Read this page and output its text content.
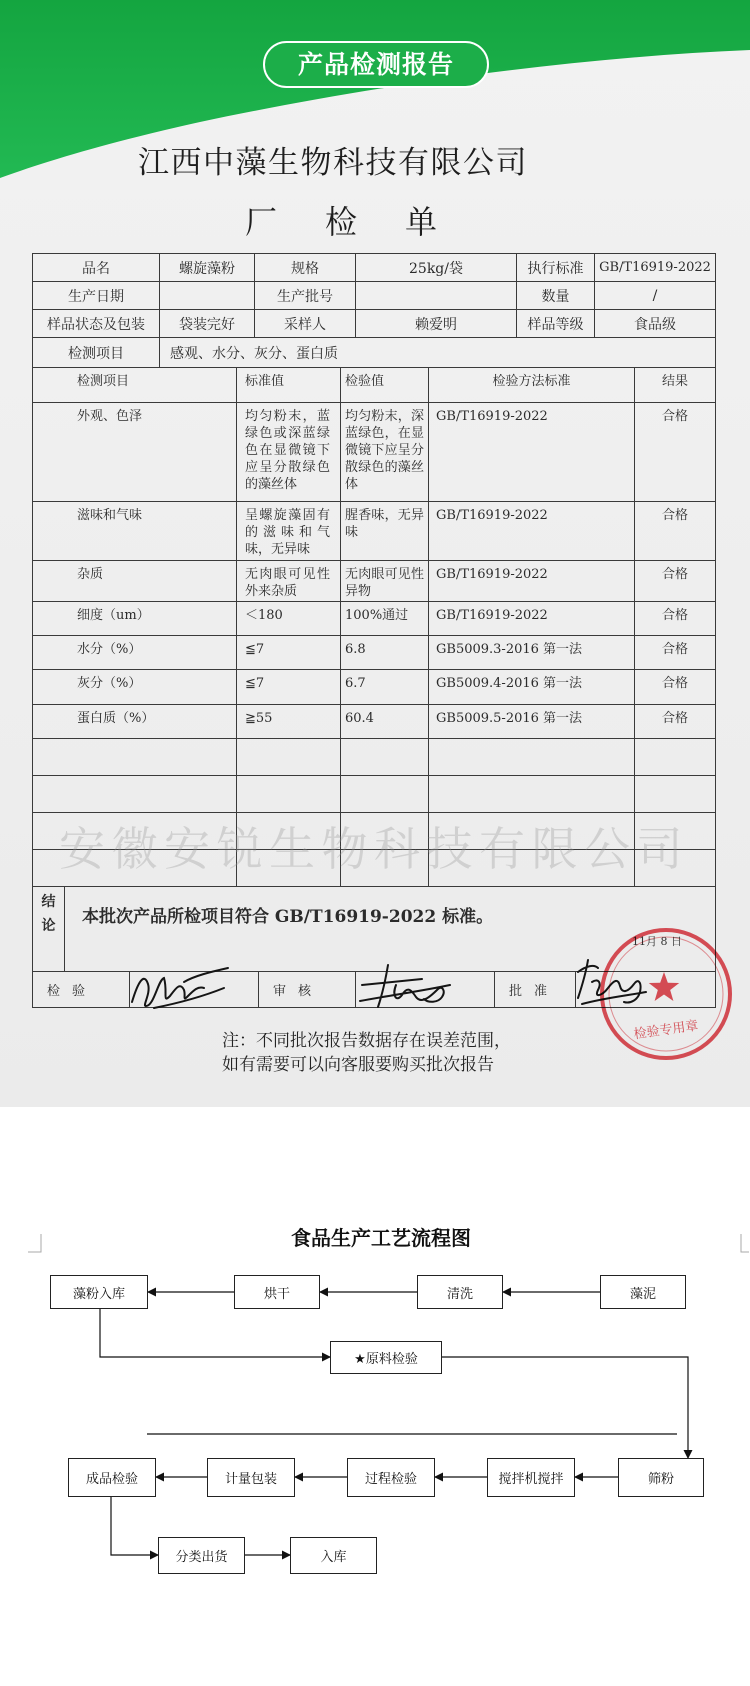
产品检测报告
江西中藻生物科技有限公司
厂检单
品名	螺旋藻粉	规格	25kg/袋	执行标准	GB/T16919-2022
生产日期		生产批号		数量	/
样品状态及包装	袋装完好	采样人	赖爱明	样品等级	食品级
检测项目	感观、水分、灰分、蛋白质				
检测项目	标准值	检验值	检验方法标准	结果
外观、色泽	均匀粉末，蓝绿色或深蓝绿色在显微镜下应呈分散绿色的藻丝体	均匀粉末，深蓝绿色，在显微镜下应呈分散绿色的藻丝体	GB/T16919-2022	合格
滋味和气味	呈螺旋藻固有的滋味和气味，无异味	腥香味，无异味	GB/T16919-2022	合格
杂质	无肉眼可见性外来杂质	无肉眼可见性异物	GB/T16919-2022	合格
细度（um）	＜180	100%通过	GB/T16919-2022	合格
水分（%）	≦7	6.8	GB5009.3-2016 第一法	合格
灰分（%）	≦7	6.7	GB5009.4-2016 第一法	合格
蛋白质（%）	≧55	60.4	GB5009.5-2016 第一法	合格

结论	本批次产品所检项目符合 GB/T16919-2022 标准。
检验		审核		批准	
安徽安锐生物科技有限公司
11月 8 日
检验专用章
注：不同批次报告数据存在误差范围，
如有需要可以向客服要购买批次报告
食品生产工艺流程图
藻粉入库	烘干	清洗	藻泥
★原料检验
成品检验	计量包装	过程检验	搅拌机搅拌	筛粉
分类出货	入库
